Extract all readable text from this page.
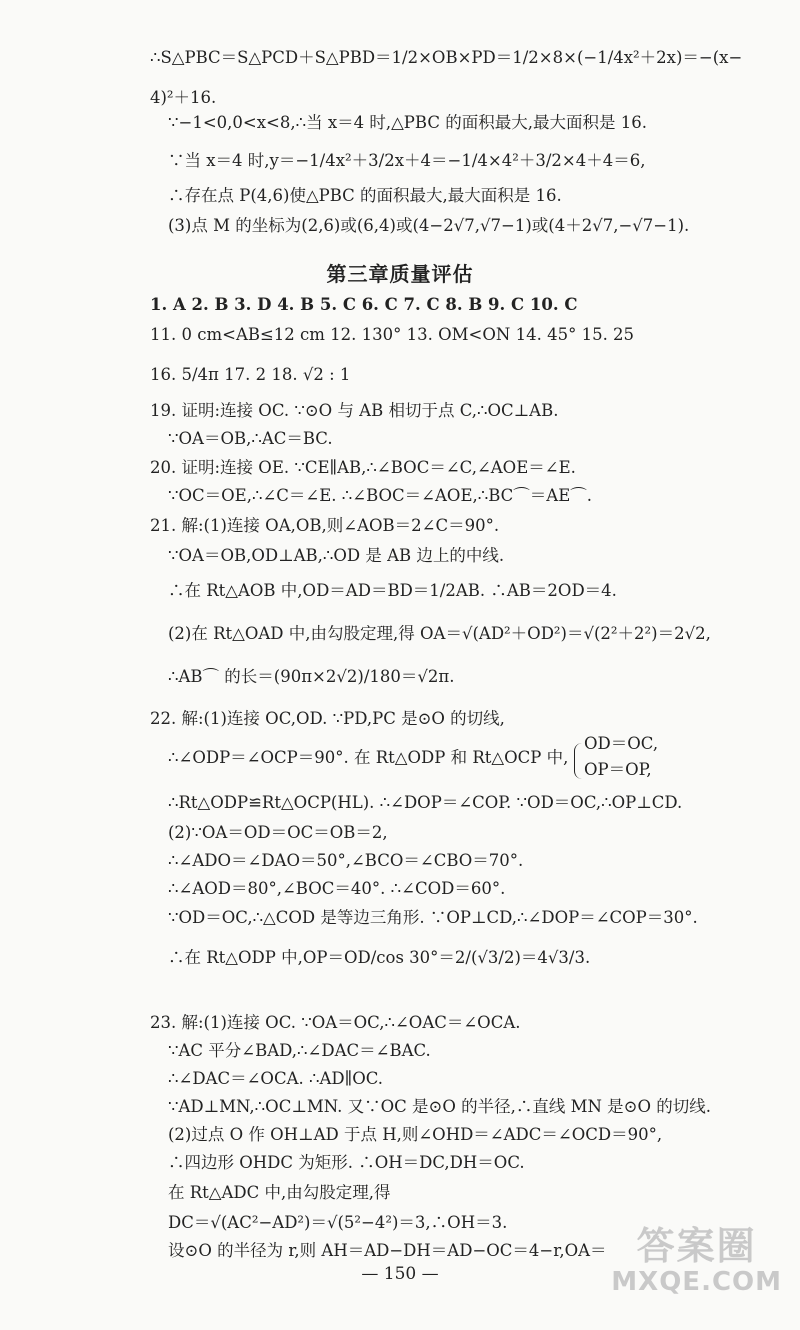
∴S△PBC＝S△PCD＋S△PBD＝1/2×OB×PD＝1/2×8×(−1/4x²＋2x)＝−(x−
4)²＋16.
∵−1<0,0<x<8,∴当 x＝4 时,△PBC 的面积最大,最大面积是 16.
∵当 x＝4 时,y＝−1/4x²＋3/2x＋4＝−1/4×4²＋3/2×4＋4＝6,
∴存在点 P(4,6)使△PBC 的面积最大,最大面积是 16.
(3)点 M 的坐标为(2,6)或(6,4)或(4−2√7,√7−1)或(4＋2√7,−√7−1).
第三章质量评估
1. A 2. B 3. D 4. B 5. C 6. C 7. C 8. B 9. C 10. C
11. 0 cm<AB≤12 cm 12. 130° 13. OM<ON 14. 45° 15. 25
16. 5/4π 17. 2 18. √2 : 1
19. 证明:连接 OC. ∵⊙O 与 AB 相切于点 C,∴OC⊥AB.
∵OA＝OB,∴AC＝BC.
20. 证明:连接 OE. ∵CE∥AB,∴∠BOC＝∠C,∠AOE＝∠E.
∵OC＝OE,∴∠C＝∠E. ∴∠BOC＝∠AOE,∴BC⌒＝AE⌒.
21. 解:(1)连接 OA,OB,则∠AOB＝2∠C＝90°.
∵OA＝OB,OD⊥AB,∴OD 是 AB 边上的中线.
∴在 Rt△AOB 中,OD＝AD＝BD＝1/2AB. ∴AB＝2OD＝4.
(2)在 Rt△OAD 中,由勾股定理,得 OA＝√(AD²＋OD²)＝√(2²＋2²)＝2√2,
∴AB⌒ 的长＝(90π×2√2)/180＝√2π.
22. 解:(1)连接 OC,OD. ∵PD,PC 是⊙O 的切线,
∴∠ODP＝∠OCP＝90°. 在 Rt△ODP 和 Rt△OCP 中,
OD＝OC,
OP＝OP,
∴Rt△ODP≌Rt△OCP(HL). ∴∠DOP＝∠COP. ∵OD＝OC,∴OP⊥CD.
(2)∵OA＝OD＝OC＝OB＝2,
∴∠ADO＝∠DAO＝50°,∠BCO＝∠CBO＝70°.
∴∠AOD＝80°,∠BOC＝40°. ∴∠COD＝60°.
∵OD＝OC,∴△COD 是等边三角形. ∵OP⊥CD,∴∠DOP＝∠COP＝30°.
∴在 Rt△ODP 中,OP＝OD/cos 30°＝2/(√3/2)＝4√3/3.
23. 解:(1)连接 OC. ∵OA＝OC,∴∠OAC＝∠OCA.
∵AC 平分∠BAD,∴∠DAC＝∠BAC.
∴∠DAC＝∠OCA. ∴AD∥OC.
∵AD⊥MN,∴OC⊥MN. 又∵OC 是⊙O 的半径,∴直线 MN 是⊙O 的切线.
(2)过点 O 作 OH⊥AD 于点 H,则∠OHD＝∠ADC＝∠OCD＝90°,
∴四边形 OHDC 为矩形. ∴OH＝DC,DH＝OC.
在 Rt△ADC 中,由勾股定理,得
DC＝√(AC²−AD²)＝√(5²−4²)＝3,∴OH＝3.
设⊙O 的半径为 r,则 AH＝AD−DH＝AD−OC＝4−r,OA＝
— 150 —
答案圈
MXQE.COM
